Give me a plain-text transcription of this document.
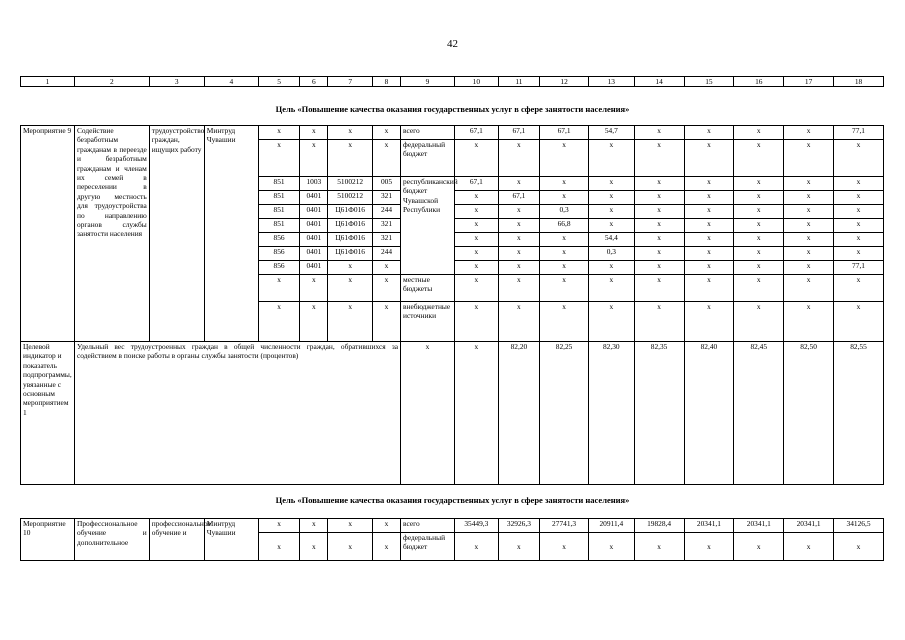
42
1	2	3	4	5	6	7	8	9	10	11	12	13	14	15	16	17	18
Цель «Повышение качества оказания государственных услуг в сфере занятости населения»
Мероприятие 9	Содействие безработным гражданам в переезде и безработным гражданам и членам их семей в переселении в другую местность для трудоустройства по направлению органов службы занятости населения	трудоустройство граждан, ищущих работу	Минтруд Чувашии	x	x	x	x	всего	67,1	67,1	67,1	54,7	x	x	x	x	77,1
				x	x	x	x	федеральный бюджет	x	x	x	x	x	x	x	x	x
				851	1003	5100212	005	республиканский бюджет Чувашской Республики	67,1	x	x	x	x	x	x	x	x
				851	0401	5100212	321		x	67,1	x	x	x	x	x	x	x
				851	0401	Ц61Ф016	244		x	x	0,3	x	x	x	x	x	x
				851	0401	Ц61Ф016	321		x	x	66,8	x	x	x	x	x	x
				856	0401	Ц61Ф016	321		x	x	x	54,4	x	x	x	x	x
				856	0401	Ц61Ф016	244		x	x	x	0,3	x	x	x	x	x
				856	0401	x	x		x	x	x	x	x	x	x	x	77,1
				x	x	x	x	местные бюджеты	x	x	x	x	x	x	x	x	x
				x	x	x	x	внебюджетные источники	x	x	x	x	x	x	x	x	x
Целевой индикатор и показатель подпрограммы, увязанные с основным мероприятием 1	Удельный вес трудоустроенных граждан в общей численности граждан, обратившихся за содействием в поиске работы в органы службы занятости (процентов)							x	x	82,20	82,25	82,30	82,35	82,40	82,45	82,50	82,55
Цель «Повышение качества оказания государственных услуг в сфере занятости населения»
Мероприятие 10	Профессиональное обучение и дополнительное	профессиональное обучение и	Минтруд Чувашии	x	x	x	x	всего	35449,3	32926,3	27741,3	20911,4	19828,4	20341,1	20341,1	20341,1	34126,5
				x	x	x	x	федеральный бюджет	x	x	x	x	x	x	x	x	x
